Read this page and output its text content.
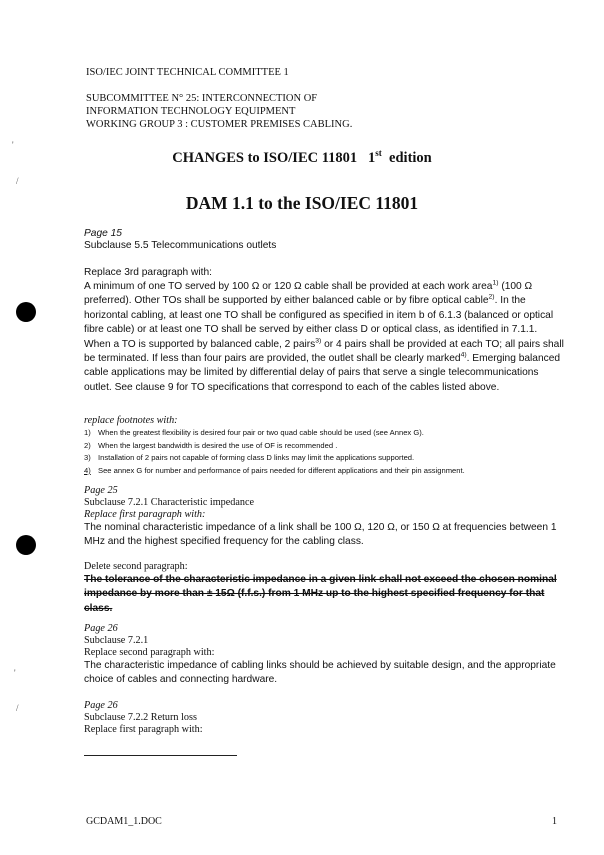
'
/
'
/
ISO/IEC JOINT TECHNICAL COMMITTEE 1
SUBCOMMITTEE N° 25: INTERCONNECTION OF
INFORMATION TECHNOLOGY EQUIPMENT
WORKING GROUP 3 : CUSTOMER PREMISES CABLING.
CHANGES to ISO/IEC 11801 1st edition
DAM 1.1 to the ISO/IEC 11801
Page 15
Subclause 5.5 Telecommunications outlets
Replace 3rd paragraph with:

A minimum of one TO served by 100 Ω or 120 Ω cable shall be provided at each work area$^{1)}$ (100 Ω preferred). Other TOs shall be supported by either balanced cable or by fibre optical cable$^{2)}$. In the horizontal cabling, at least one TO shall be configured as specified in item b of 6.1.3 (balanced or optical fibre cable) or at least one TO shall be served by either class D or optical class, as identified in 7.1.1. When a TO is supported by balanced cable, 2 pairs$^{3)}$ or 4 pairs shall be provided at each TO; all pairs shall be terminated. If less than four pairs are provided, the outlet shall be clearly marked$^{4)}$. Emerging balanced cable applications may be limited by differential delay of pairs that serve a single telecommunications outlet. See clause 9 for TO specifications that correspond to each of the cables listed above.

replace footnotes with:
1) When the greatest flexibility is desired four pair or two quad cable should be used (see Annex G).
2) When the largest bandwidth is desired the use of OF is recommended .
3) Installation of 2 pairs not capable of forming class D links may limit the applications supported.
4) See annex G for number and performance of pairs needed for different applications and their pin assignment.
Page 25
Subclause 7.2.1 Characteristic impedance
Replace first paragraph with:

The nominal characteristic impedance of a link shall be 100 Ω, 120 Ω, or 150 Ω at frequencies between 1 MHz and the highest specified frequency for the cabling class.

Delete second paragraph:

The tolerance of the characteristic impedance in a given link shall not exceed the chosen nominal impedance by more than ± 15Ω (f.f.s.) from 1 MHz up to the highest specified frequency for that class.

Page 26
Subclause 7.2.1
Replace second paragraph with:

The characteristic impedance of cabling links should be achieved by suitable design, and the appropriate choice of cables and connecting hardware.

Page 26
Subclause 7.2.2 Return loss
Replace first paragraph with:
GCDAM1_1.DOC	1
